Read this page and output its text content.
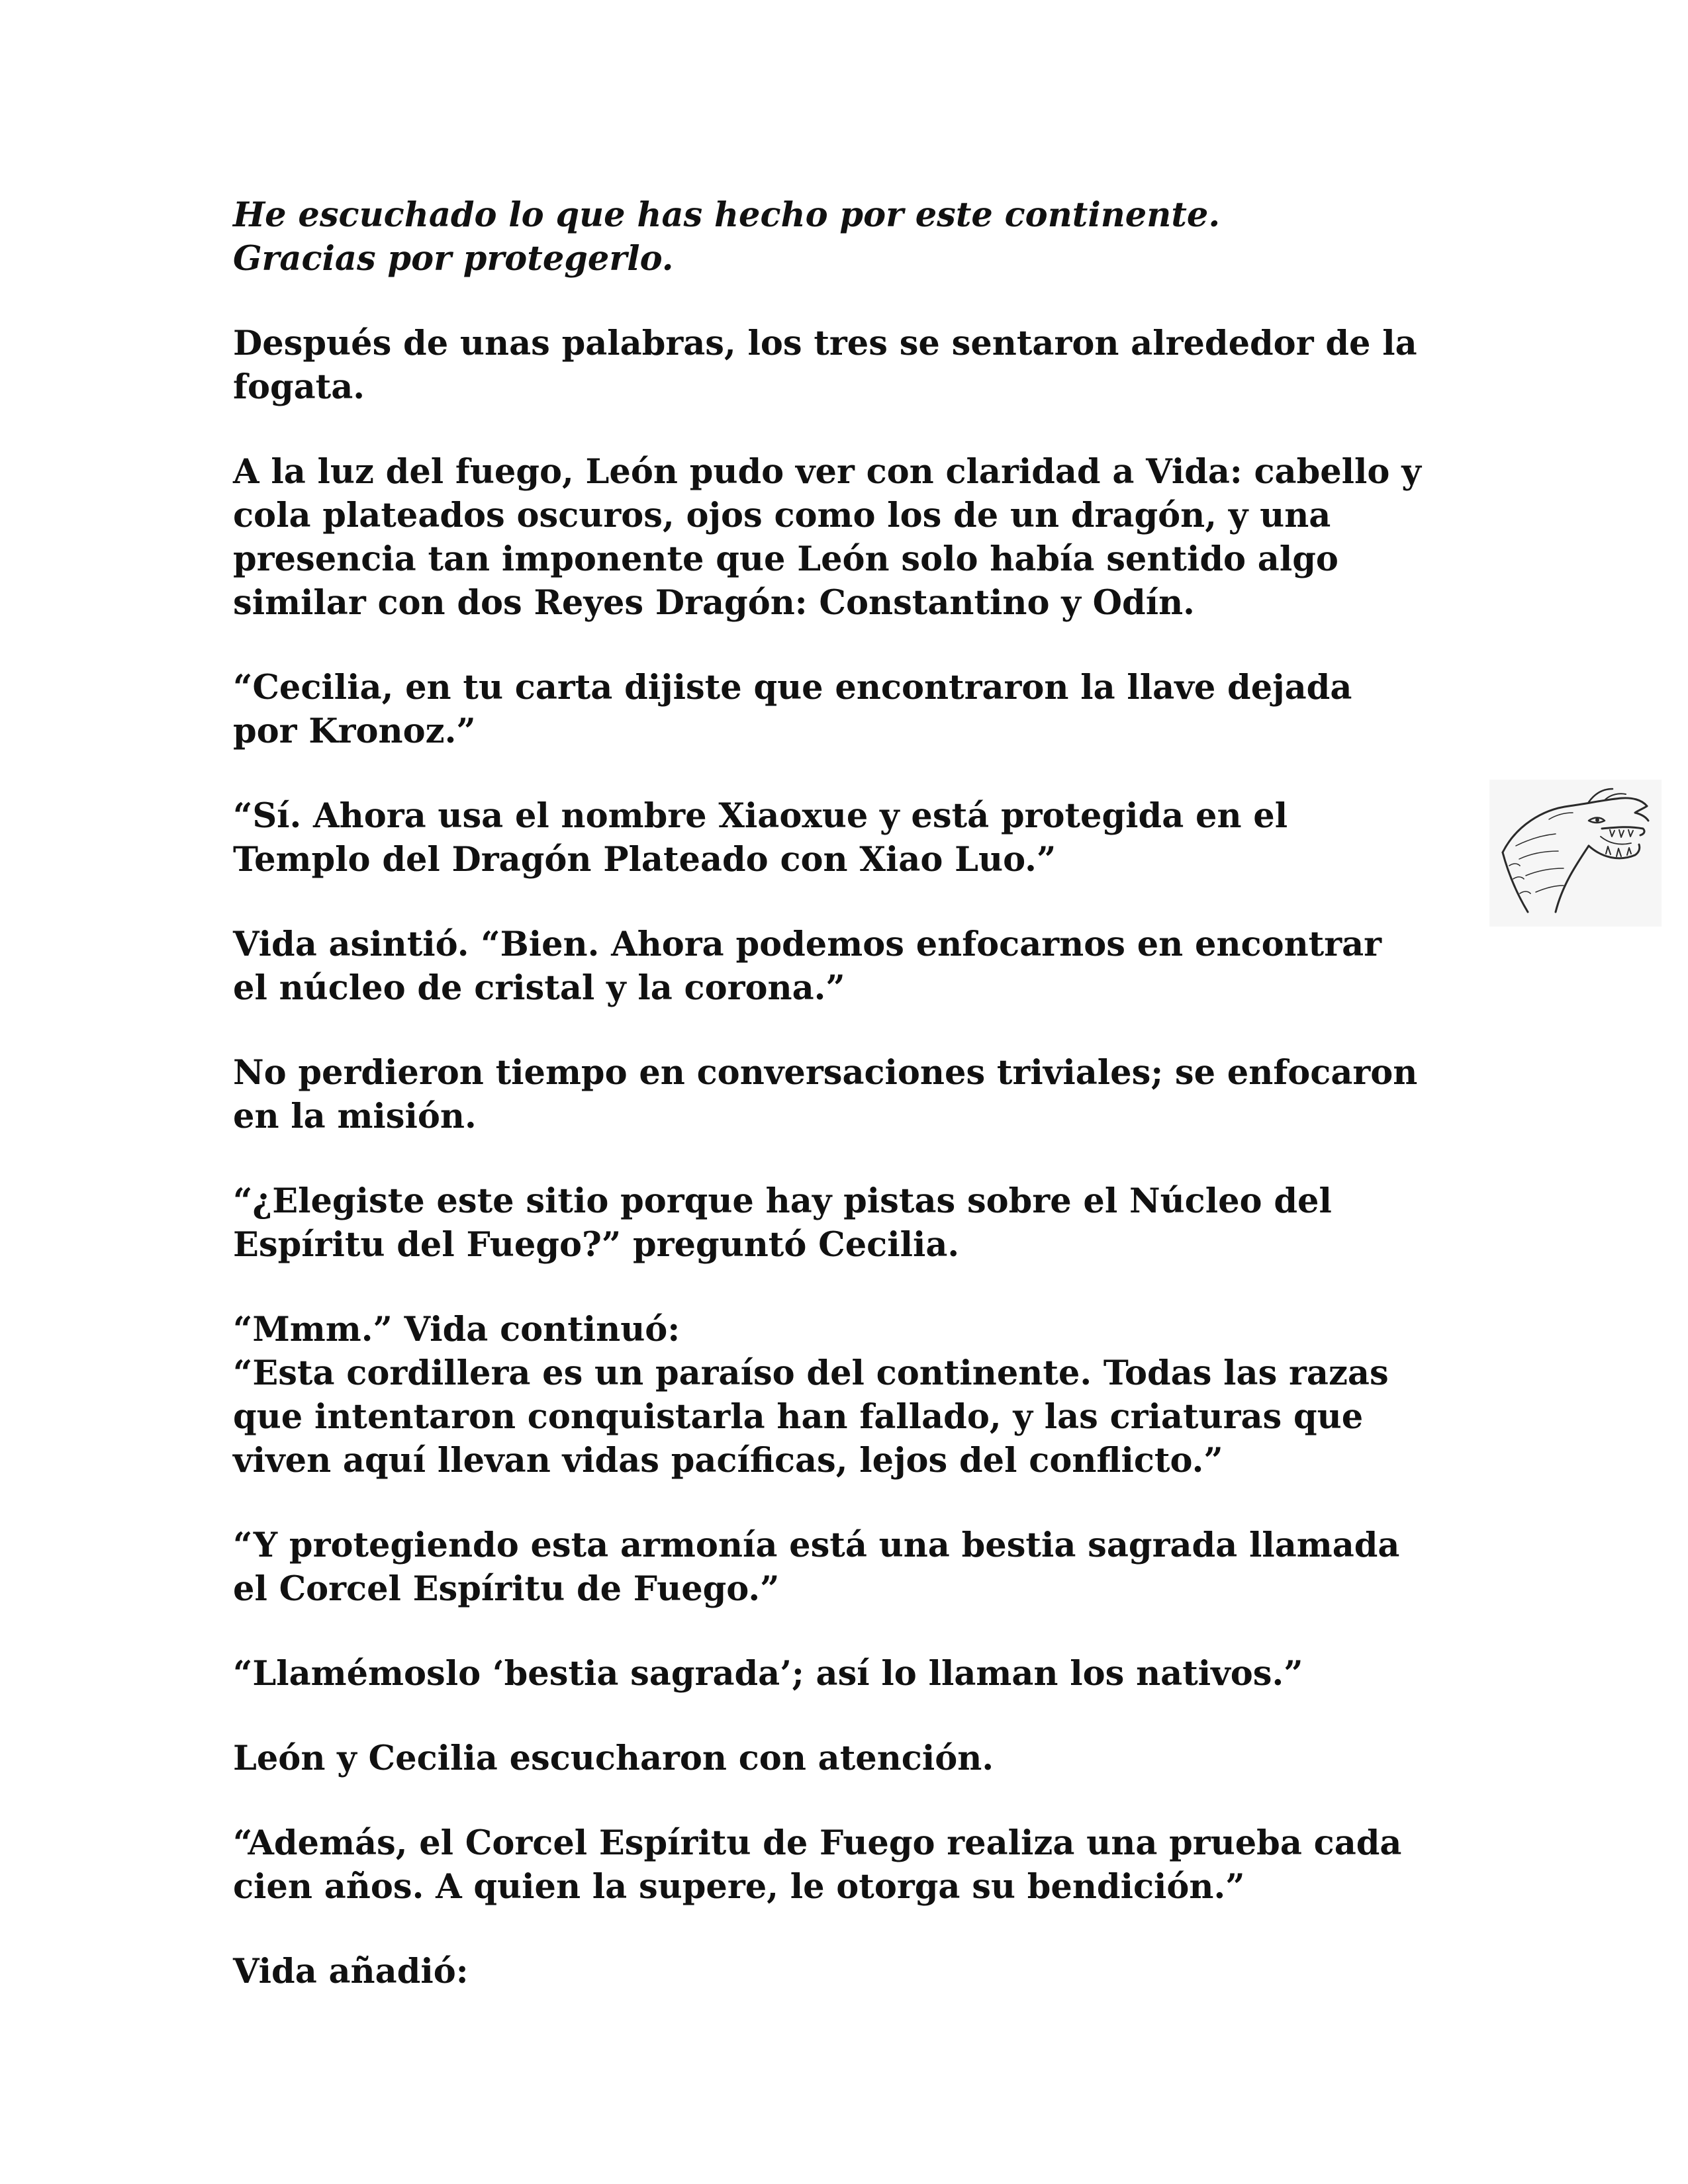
He escuchado lo que has hecho por este continente.
Gracias por protegerlo.

Después de unas palabras, los tres se sentaron alrededor de la
fogata.

A la luz del fuego, León pudo ver con claridad a Vida: cabello y
cola plateados oscuros, ojos como los de un dragón, y una
presencia tan imponente que León solo había sentido algo
similar con dos Reyes Dragón: Constantino y Odín.

“Cecilia, en tu carta dijiste que encontraron la llave dejada
por Kronoz.”

“Sí. Ahora usa el nombre Xiaoxue y está protegida en el
Templo del Dragón Plateado con Xiao Luo.”

Vida asintió. “Bien. Ahora podemos enfocarnos en encontrar
el núcleo de cristal y la corona.”

No perdieron tiempo en conversaciones triviales; se enfocaron
en la misión.

“¿Elegiste este sitio porque hay pistas sobre el Núcleo del
Espíritu del Fuego?” preguntó Cecilia.

“Mmm.” Vida continuó:
“Esta cordillera es un paraíso del continente. Todas las razas
que intentaron conquistarla han fallado, y las criaturas que
viven aquí llevan vidas pacíficas, lejos del conflicto.”

“Y protegiendo esta armonía está una bestia sagrada llamada
el Corcel Espíritu de Fuego.”

“Llamémoslo ‘bestia sagrada’; así lo llaman los nativos.”

León y Cecilia escucharon con atención.

“Además, el Corcel Espíritu de Fuego realiza una prueba cada
cien años. A quien la supere, le otorga su bendición.”

Vida añadió:
